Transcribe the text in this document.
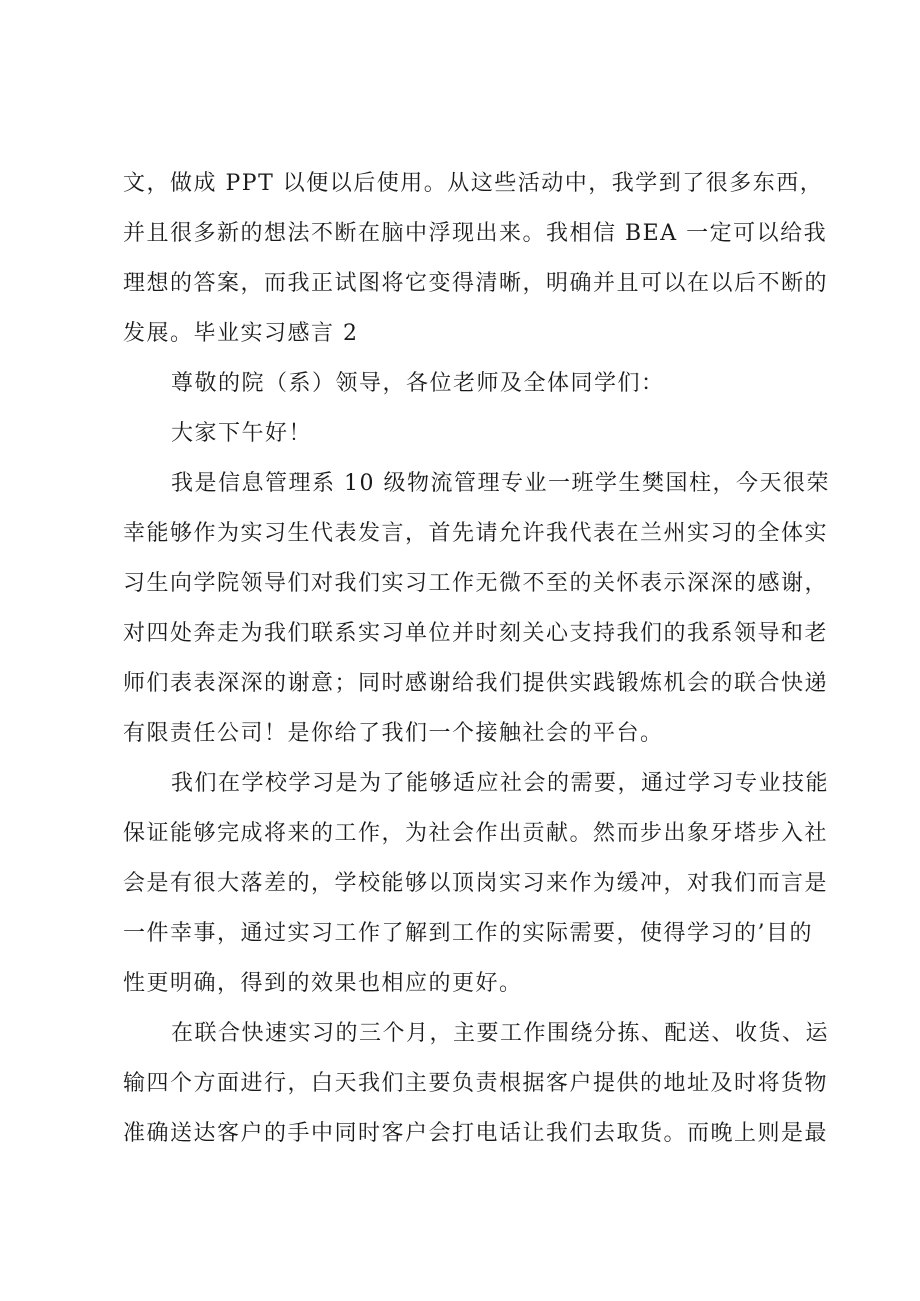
文，做成 PPT 以便以后使用。从这些活动中，我学到了很多东西，
并且很多新的想法不断在脑中浮现出来。我相信 BEA 一定可以给我
理想的答案，而我正试图将它变得清晰，明确并且可以在以后不断的
发展。毕业实习感言 2
尊敬的院（系）领导，各位老师及全体同学们：
大家下午好！
我是信息管理系 10 级物流管理专业一班学生樊国柱，今天很荣
幸能够作为实习生代表发言，首先请允许我代表在兰州实习的全体实
习生向学院领导们对我们实习工作无微不至的关怀表示深深的感谢，
对四处奔走为我们联系实习单位并时刻关心支持我们的我系领导和老
师们表表深深的谢意；同时感谢给我们提供实践锻炼机会的联合快递
有限责任公司！是你给了我们一个接触社会的平台。
我们在学校学习是为了能够适应社会的需要，通过学习专业技能
保证能够完成将来的工作，为社会作出贡献。然而步出象牙塔步入社
会是有很大落差的，学校能够以顶岗实习来作为缓冲，对我们而言是
一件幸事，通过实习工作了解到工作的实际需要，使得学习的’目的
性更明确，得到的效果也相应的更好。
在联合快速实习的三个月，主要工作围绕分拣、配送、收货、运
输四个方面进行，白天我们主要负责根据客户提供的地址及时将货物
准确送达客户的手中同时客户会打电话让我们去取货。而晚上则是最
